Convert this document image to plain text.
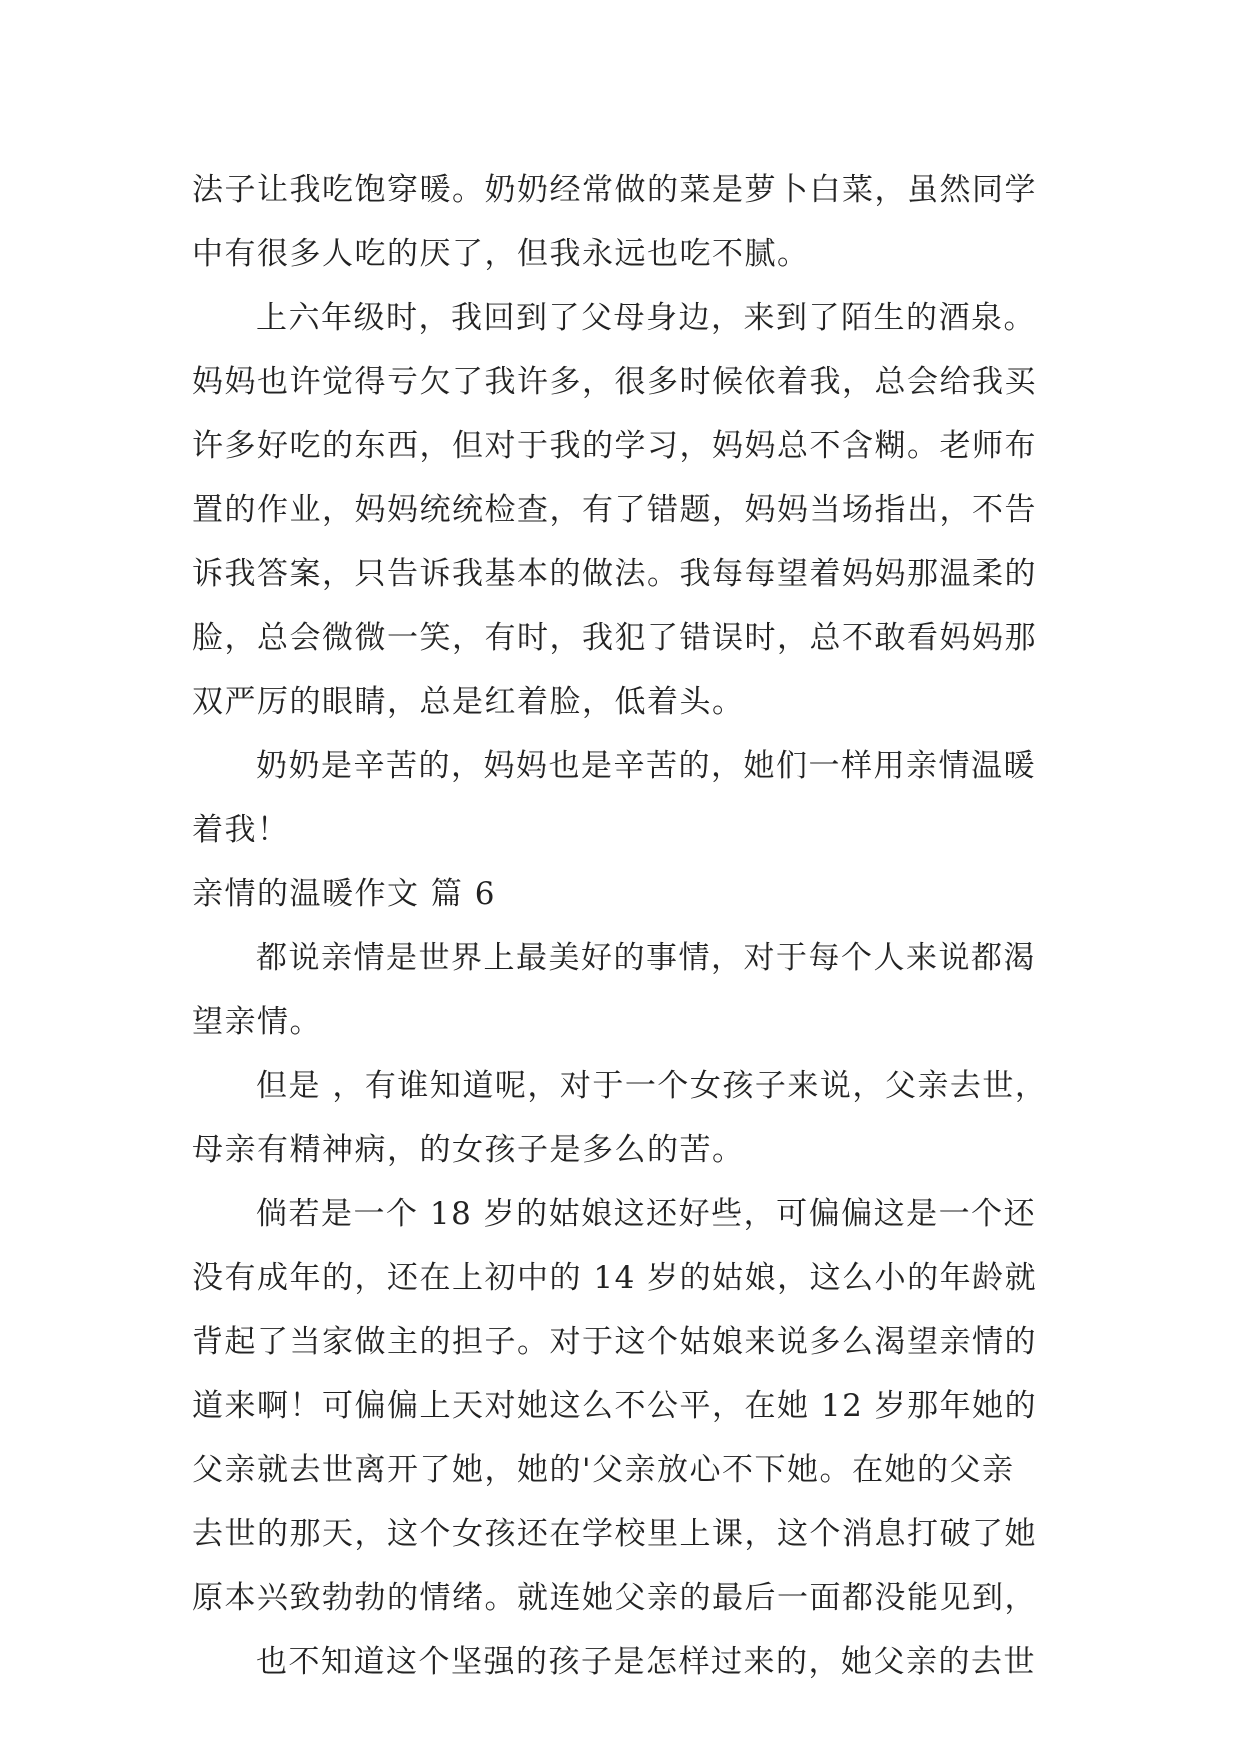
法子让我吃饱穿暖。奶奶经常做的菜是萝卜白菜，虽然同学
中有很多人吃的厌了，但我永远也吃不腻。
上六年级时，我回到了父母身边，来到了陌生的酒泉。
妈妈也许觉得亏欠了我许多，很多时候依着我，总会给我买
许多好吃的东西，但对于我的学习，妈妈总不含糊。老师布
置的作业，妈妈统统检查，有了错题，妈妈当场指出，不告
诉我答案，只告诉我基本的做法。我每每望着妈妈那温柔的
脸，总会微微一笑，有时，我犯了错误时，总不敢看妈妈那
双严厉的眼睛，总是红着脸，低着头。
奶奶是辛苦的，妈妈也是辛苦的，她们一样用亲情温暖
着我！
亲情的温暖作文 篇 6
都说亲情是世界上最美好的事情，对于每个人来说都渴
望亲情。
但是 ，有谁知道呢，对于一个女孩子来说，父亲去世，
母亲有精神病，的女孩子是多么的苦。
倘若是一个 18 岁的姑娘这还好些，可偏偏这是一个还
没有成年的，还在上初中的 14 岁的姑娘，这么小的年龄就
背起了当家做主的担子。对于这个姑娘来说多么渴望亲情的
道来啊！可偏偏上天对她这么不公平，在她 12 岁那年她的
父亲就去世离开了她，她的'父亲放心不下她。在她的父亲
去世的那天，这个女孩还在学校里上课，这个消息打破了她
原本兴致勃勃的情绪。就连她父亲的最后一面都没能见到，
也不知道这个坚强的孩子是怎样过来的，她父亲的去世
